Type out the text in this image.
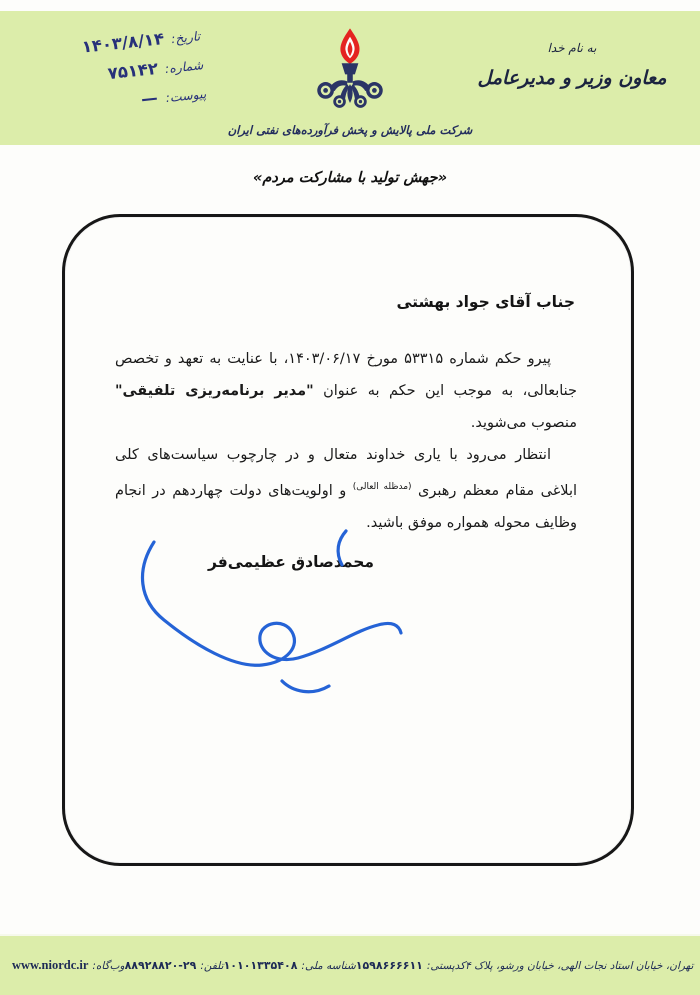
تاریخ:
۱۴۰۳/۸/۱۴
شماره:
۷۵۱۴۲
پیوست:
—
شرکت ملی پالایش و پخش فرآورده‌های نفتی ایران
به نام خدا
معاون وزیر و مدیرعامل
«جهش تولید با مشارکت مردم»
جناب آقای جواد بهشتی

پیرو حکم شماره ۵۳۳۱۵ مورخ ۱۴۰۳/۰۶/۱۷، با عنایت به تعهد و تخصص جنابعالی، به موجب این حکم به عنوان "مدیر برنامه‌ریزی تلفیقی" منصوب می‌شوید.

انتظار می‌رود با یاری خداوند متعال و در چارچوب سیاست‌های کلی ابلاغی مقام معظم رهبری $^{(مدظله العالی)}$ و اولویت‌های دولت چهاردهم در انجام وظایف محوله همواره موفق باشید.

محمدصادق عظیمی‌فر
تهران، خیابان استاد نجات الهی، خیابان ورشو، پلاک ۴
کدپستی:
۱۵۹۸۶۶۶۶۱۱
شناسه ملی:
۱۰۱۰۱۳۳۵۴۰۸
تلفن:
۸۸۹۲۸۸۲۰-۲۹
وب‌گاه:
www.niordc.ir
